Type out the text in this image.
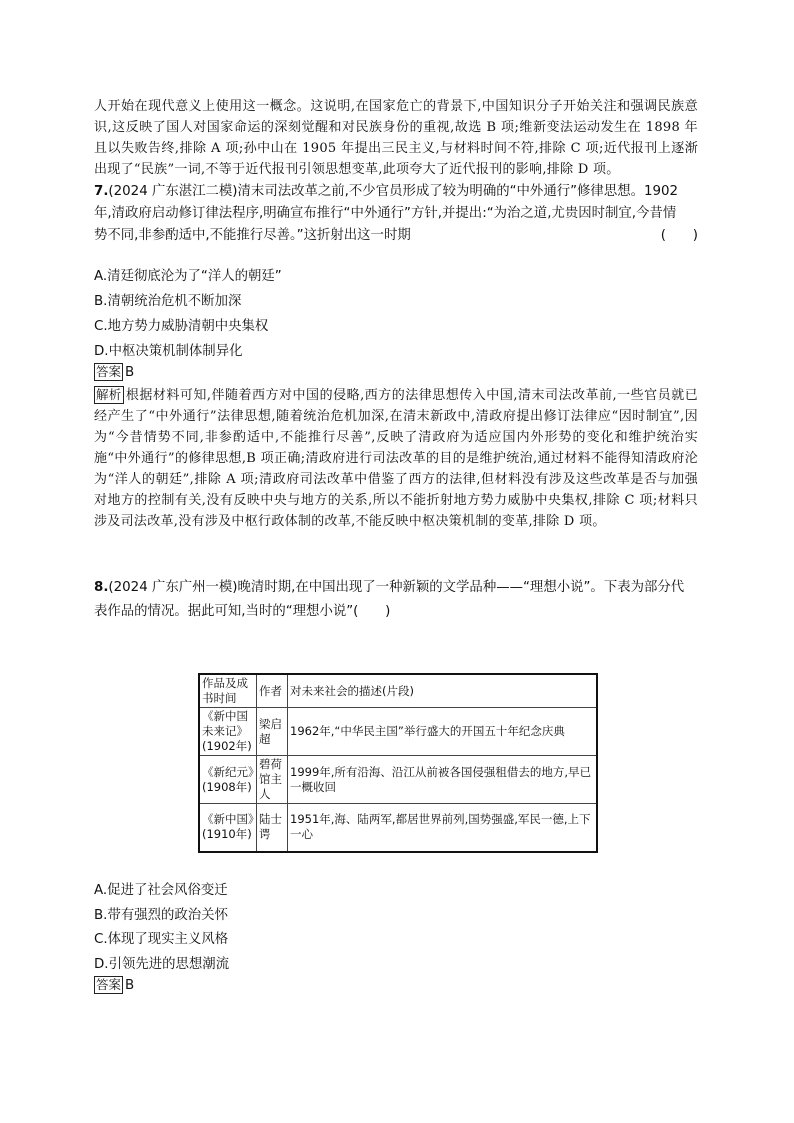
人开始在现代意义上使用这一概念。这说明,在国家危亡的背景下,中国知识分子开始关注和强调民族意识,这反映了国人对国家命运的深刻觉醒和对民族身份的重视,故选 B 项;维新变法运动发生在 1898 年且以失败告终,排除 A 项;孙中山在 1905 年提出三民主义,与材料时间不符,排除 C 项;近代报刊上逐渐出现了“民族”一词,不等于近代报刊引领思想变革,此项夸大了近代报刊的影响,排除 D 项。
7.(2024 广东湛江二模)清末司法改革之前,不少官员形成了较为明确的“中外通行”修律思想。1902
年,清政府启动修订律法程序,明确宣布推行“中外通行”方针,并提出:“为治之道,尤贵因时制宜,今昔情
势不同,非参酌适中,不能推行尽善。”这折射出这一时期	(　　)
A.清廷彻底沦为了“洋人的朝廷”
B.清朝统治危机不断加深
C.地方势力威胁清朝中央集权
D.中枢决策机制体制异化
答案 B
解析 根据材料可知,伴随着西方对中国的侵略,西方的法律思想传入中国,清末司法改革前,一些官员就已经产生了“中外通行”法律思想,随着统治危机加深,在清末新政中,清政府提出修订法律应“因时制宜”,因为“今昔情势不同,非参酌适中,不能推行尽善”,反映了清政府为适应国内外形势的变化和维护统治实施“中外通行”的修律思想,B 项正确;清政府进行司法改革的目的是维护统治,通过材料不能得知清政府沦为“洋人的朝廷”,排除 A 项;清政府司法改革中借鉴了西方的法律,但材料没有涉及这些改革是否与加强对地方的控制有关,没有反映中央与地方的关系,所以不能折射地方势力威胁中央集权,排除 C 项;材料只涉及司法改革,没有涉及中枢行政体制的改革,不能反映中枢决策机制的变革,排除 D 项。
8.(2024 广东广州一模)晚清时期,在中国出现了一种新颖的文学品种——“理想小说”。下表为部分代
表作品的情况。据此可知,当时的“理想小说”(　　)
作品及成书时间	作者	对未来社会的描述(片段)
《新中国未来记》(1902年)	梁启超	1962年,“中华民主国”举行盛大的开国五十年纪念庆典
《新纪元》(1908年)	碧荷馆主人	1999年,所有沿海、沿江从前被各国侵强租借去的地方,早已一概收回
《新中国》(1910年)	陆士谔	1951年,海、陆两军,都居世界前列,国势强盛,军民一德,上下一心
A.促进了社会风俗变迁
B.带有强烈的政治关怀
C.体现了现实主义风格
D.引领先进的思想潮流
答案 B
